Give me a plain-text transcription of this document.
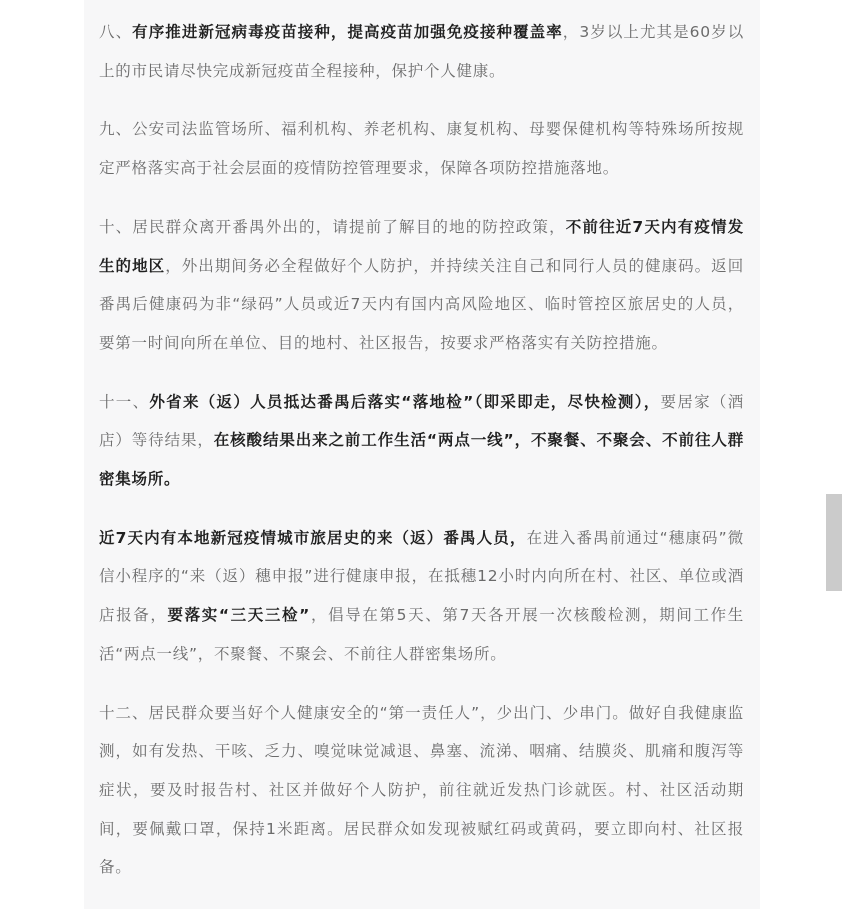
八、有序推进新冠病毒疫苗接种，提高疫苗加强免疫接种覆盖率，3岁以上尤其是60岁以上的市民请尽快完成新冠疫苗全程接种，保护个人健康。

九、公安司法监管场所、福利机构、养老机构、康复机构、母婴保健机构等特殊场所按规定严格落实高于社会层面的疫情防控管理要求，保障各项防控措施落地。

十、居民群众离开番禺外出的，请提前了解目的地的防控政策，不前往近7天内有疫情发生的地区，外出期间务必全程做好个人防护，并持续关注自己和同行人员的健康码。返回番禺后健康码为非“绿码”人员或近7天内有国内高风险地区、临时管控区旅居史的人员，要第一时间向所在单位、目的地村、社区报告，按要求严格落实有关防控措施。

十一、外省来（返）人员抵达番禺后落实“落地检”（即采即走，尽快检测），要居家（酒店）等待结果，在核酸结果出来之前工作生活“两点一线”，不聚餐、不聚会、不前往人群密集场所。

近7天内有本地新冠疫情城市旅居史的来（返）番禺人员，在进入番禺前通过“穗康码”微信小程序的“来（返）穗申报”进行健康申报，在抵穗12小时内向所在村、社区、单位或酒店报备，要落实“三天三检”，倡导在第5天、第7天各开展一次核酸检测，期间工作生活“两点一线”，不聚餐、不聚会、不前往人群密集场所。

十二、居民群众要当好个人健康安全的“第一责任人”，少出门、少串门。做好自我健康监测，如有发热、干咳、乏力、嗅觉味觉减退、鼻塞、流涕、咽痛、结膜炎、肌痛和腹泻等症状，要及时报告村、社区并做好个人防护，前往就近发热门诊就医。村、社区活动期间，要佩戴口罩，保持1米距离。居民群众如发现被赋红码或黄码，要立即向村、社区报备。
